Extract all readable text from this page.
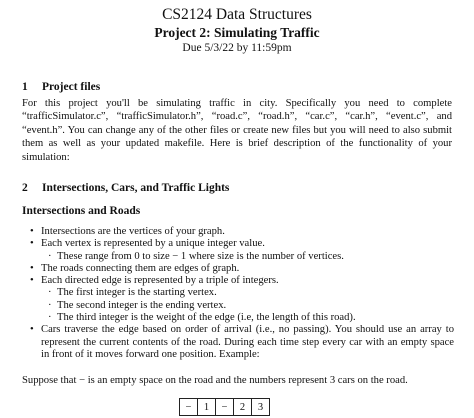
CS2124 Data Structures
Project 2: Simulating Traffic
Due 5/3/22 by 11:59pm
1 Project files
For this project you'll be simulating traffic in city. Specifically you need to complete “trafficSimulator.c”, “trafficSimulator.h”, “road.c”, “road.h”, “car.c”, “car.h”, “event.c”, and “event.h”. You can change any of the other files or create new files but you will need to also submit them as well as your updated makefile. Here is brief description of the functionality of your simulation:
2 Intersections, Cars, and Traffic Lights
Intersections and Roads
• Intersections are the vertices of your graph.
• Each vertex is represented by a unique integer value.
· These range from 0 to size − 1 where size is the number of vertices.
• The roads connecting them are edges of graph.
• Each directed edge is represented by a triple of integers.
· The first integer is the starting vertex.
· The second integer is the ending vertex.
· The third integer is the weight of the edge (i.e, the length of this road).
• Cars traverse the edge based on order of arrival (i.e., no passing). You should use an array to represent the current contents of the road. During each time step every car with an empty space in front of it moves forward one position. Example:
Suppose that − is an empty space on the road and the numbers represent 3 cars on the road.
−	1	−	2	3
